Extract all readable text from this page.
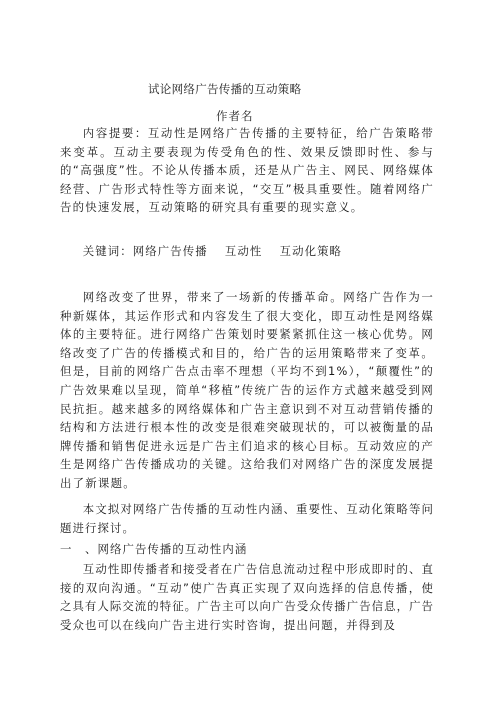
试论网络广告传播的互动策略
作者名

内容提要：互动性是网络广告传播的主要特征，给广告策略带来变革。互动主要表现为传受角色的性、效果反馈即时性、参与的“高强度”性。不论从传播本质，还是从广告主、网民、网络媒体经营、广告形式特性等方面来说，“交互”极具重要性。随着网络广告的快速发展，互动策略的研究具有重要的现实意义。

关键词：网络广告传播　 互动性　 互动化策略

网络改变了世界，带来了一场新的传播革命。网络广告作为一种新媒体，其运作形式和内容发生了很大变化，即互动性是网络媒体的主要特征。进行网络广告策划时要紧紧抓住这一核心优势。网络改变了广告的传播模式和目的，给广告的运用策略带来了变革。但是，目前的网络广告点击率不理想（平均不到1%），“颠覆性”的广告效果难以呈现，简单“移植”传统广告的运作方式越来越受到网民抗拒。越来越多的网络媒体和广告主意识到不对互动营销传播的结构和方法进行根本性的改变是很难突破现状的，可以被衡量的品牌传播和销售促进永远是广告主们追求的核心目标。互动效应的产生是网络广告传播成功的关键。这给我们对网络广告的深度发展提出了新课题。

本文拟对网络广告传播的互动性内涵、重要性、互动化策略等问题进行探讨。

一　、网络广告传播的互动性内涵

互动性即传播者和接受者在广告信息流动过程中形成即时的、直接的双向沟通。“互动”使广告真正实现了双向选择的信息传播，使之具有人际交流的特征。广告主可以向广告受众传播广告信息，广告受众也可以在线向广告主进行实时咨询，提出问题，并得到及
